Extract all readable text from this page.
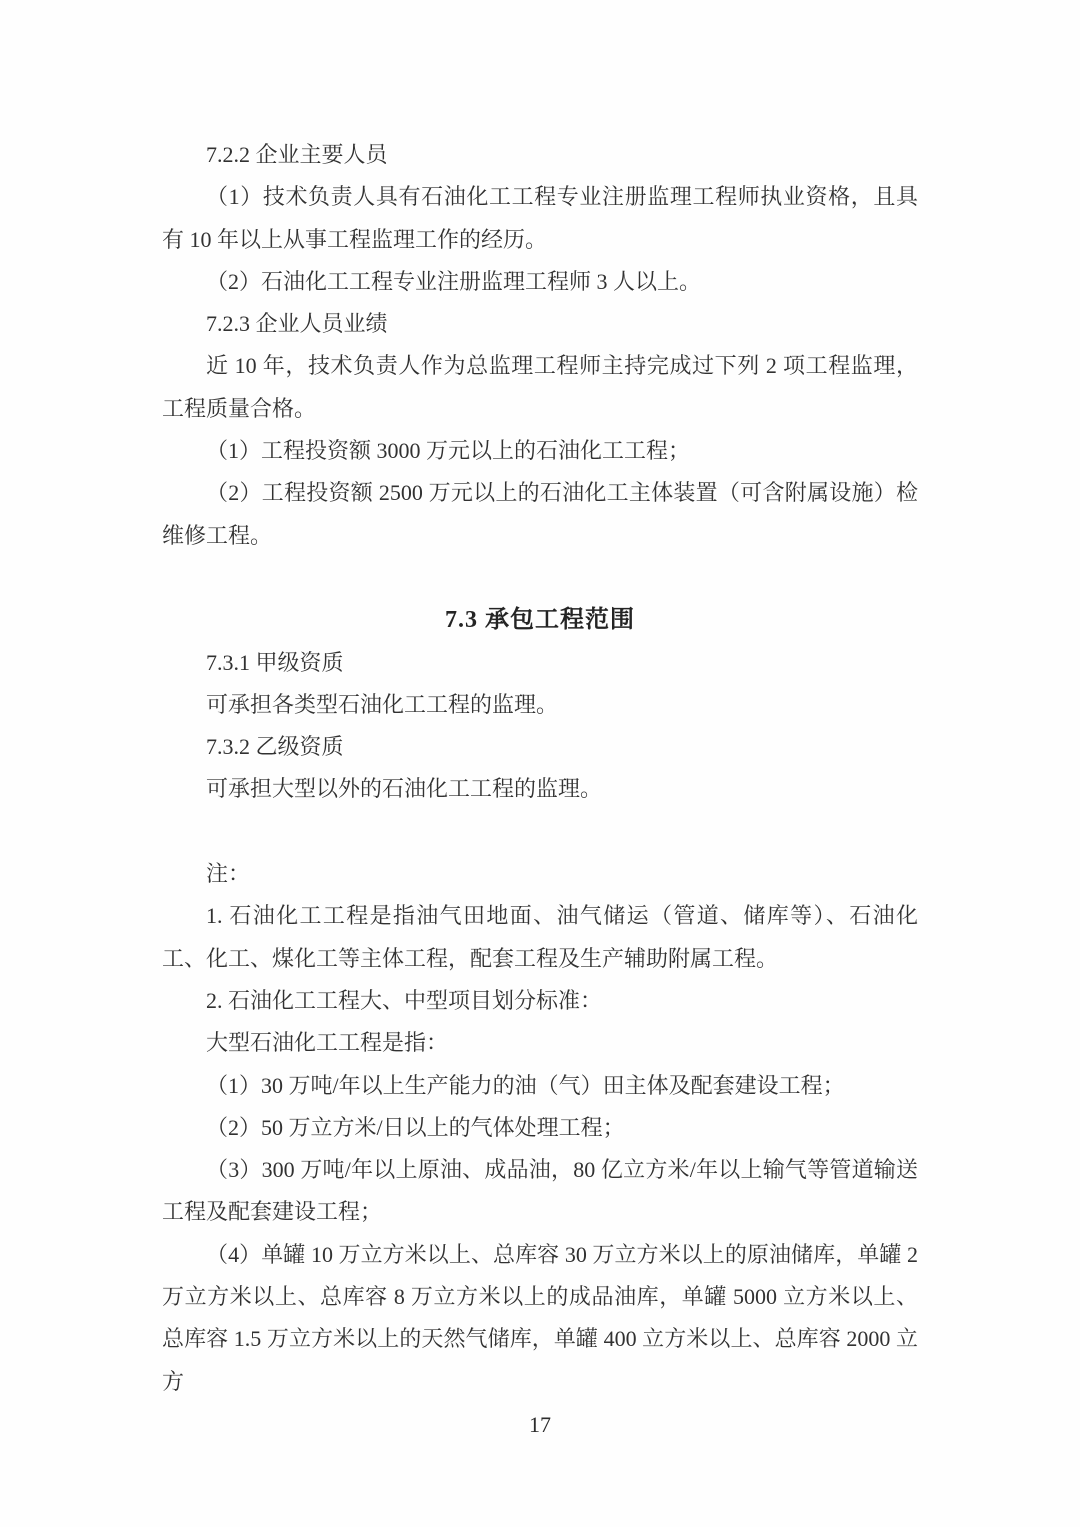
7.2.2 企业主要人员

（1）技术负责人具有石油化工工程专业注册监理工程师执业资格，且具有 10 年以上从事工程监理工作的经历。

（2）石油化工工程专业注册监理工程师 3 人以上。

7.2.3 企业人员业绩

近 10 年，技术负责人作为总监理工程师主持完成过下列 2 项工程监理，工程质量合格。

（1）工程投资额 3000 万元以上的石油化工工程；

（2）工程投资额 2500 万元以上的石油化工主体装置（可含附属设施）检维修工程。

7.3 承包工程范围

7.3.1 甲级资质

可承担各类型石油化工工程的监理。

7.3.2 乙级资质

可承担大型以外的石油化工工程的监理。

注：

1. 石油化工工程是指油气田地面、油气储运（管道、储库等）、石油化工、化工、煤化工等主体工程，配套工程及生产辅助附属工程。

2. 石油化工工程大、中型项目划分标准：

大型石油化工工程是指：

（1）30 万吨/年以上生产能力的油（气）田主体及配套建设工程；

（2）50 万立方米/日以上的气体处理工程；

（3）300 万吨/年以上原油、成品油，80 亿立方米/年以上输气等管道输送工程及配套建设工程；

（4）单罐 10 万立方米以上、总库容 30 万立方米以上的原油储库，单罐 2 万立方米以上、总库容 8 万立方米以上的成品油库，单罐 5000 立方米以上、总库容 1.5 万立方米以上的天然气储库，单罐 400 立方米以上、总库容 2000 立方

17
